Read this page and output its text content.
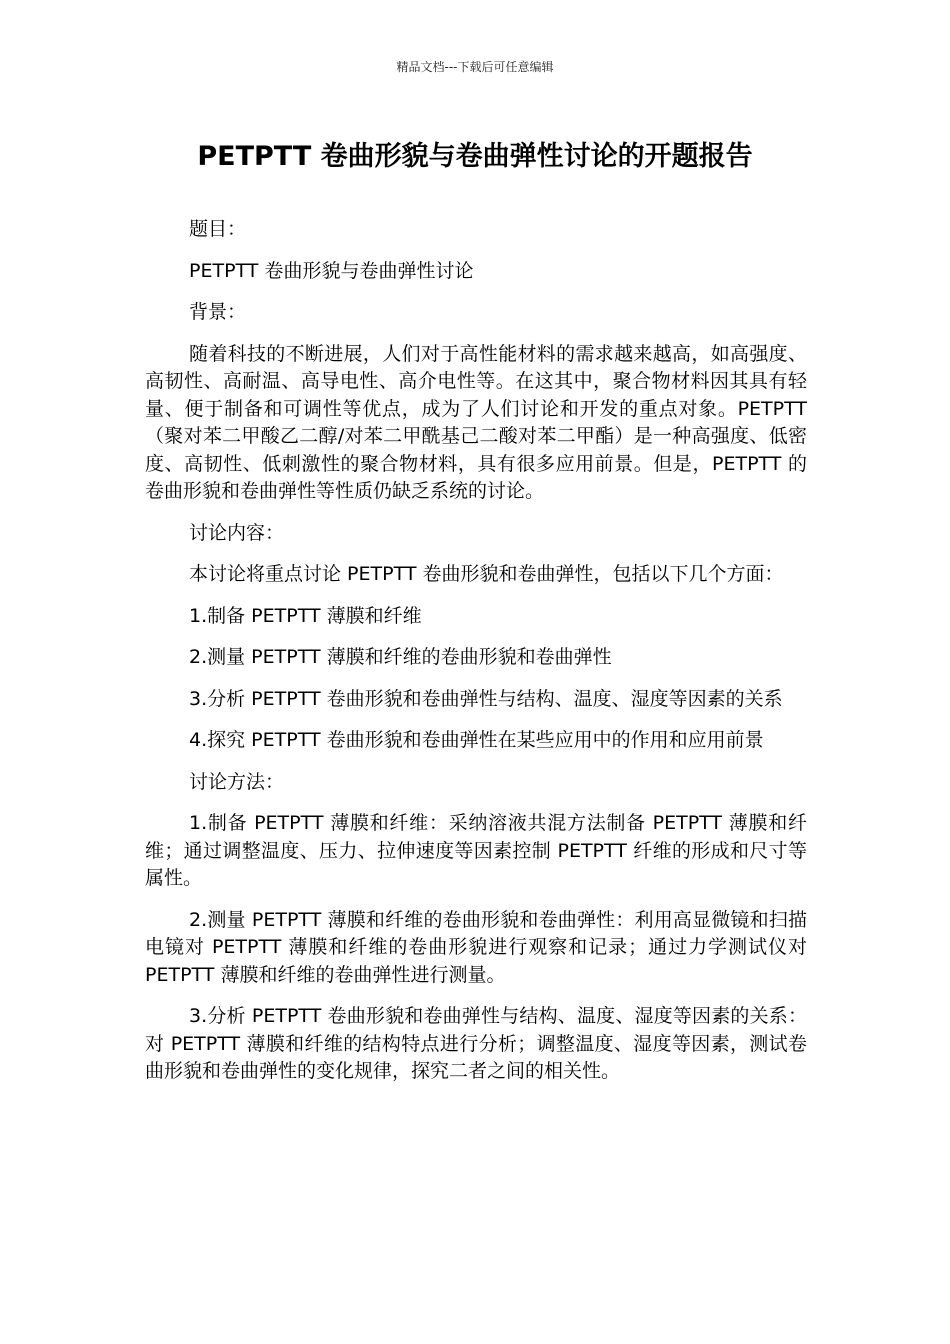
精品文档---下载后可任意编辑
PETPTT 卷曲形貌与卷曲弹性讨论的开题报告

题目：

PETPTT 卷曲形貌与卷曲弹性讨论

背景：

随着科技的不断进展，人们对于高性能材料的需求越来越高，如高强度、高韧性、高耐温、高导电性、高介电性等。在这其中，聚合物材料因其具有轻量、便于制备和可调性等优点，成为了人们讨论和开发的重点对象。PETPTT（聚对苯二甲酸乙二醇/对苯二甲酰基己二酸对苯二甲酯）是一种高强度、低密度、高韧性、低刺激性的聚合物材料，具有很多应用前景。但是，PETPTT 的卷曲形貌和卷曲弹性等性质仍缺乏系统的讨论。

讨论内容：

本讨论将重点讨论 PETPTT 卷曲形貌和卷曲弹性，包括以下几个方面：

1.制备 PETPTT 薄膜和纤维

2.测量 PETPTT 薄膜和纤维的卷曲形貌和卷曲弹性

3.分析 PETPTT 卷曲形貌和卷曲弹性与结构、温度、湿度等因素的关系

4.探究 PETPTT 卷曲形貌和卷曲弹性在某些应用中的作用和应用前景

讨论方法：

1.制备 PETPTT 薄膜和纤维：采纳溶液共混方法制备 PETPTT 薄膜和纤维；通过调整温度、压力、拉伸速度等因素控制 PETPTT 纤维的形成和尺寸等属性。

2.测量 PETPTT 薄膜和纤维的卷曲形貌和卷曲弹性：利用高显微镜和扫描电镜对 PETPTT 薄膜和纤维的卷曲形貌进行观察和记录；通过力学测试仪对 PETPTT 薄膜和纤维的卷曲弹性进行测量。

3.分析 PETPTT 卷曲形貌和卷曲弹性与结构、温度、湿度等因素的关系：对 PETPTT 薄膜和纤维的结构特点进行分析；调整温度、湿度等因素，测试卷曲形貌和卷曲弹性的变化规律，探究二者之间的相关性。
